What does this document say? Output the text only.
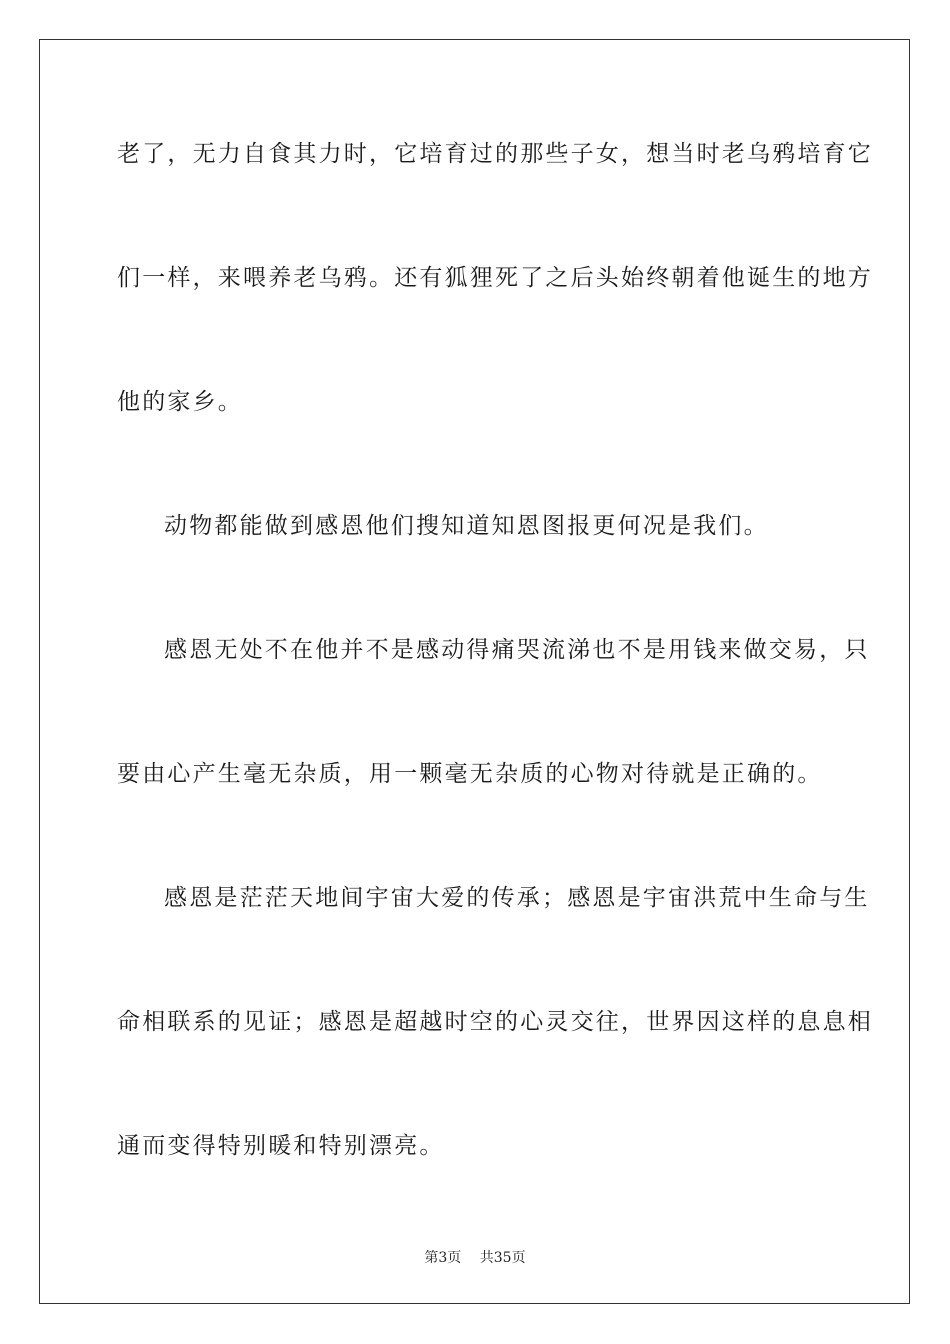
老了，无力自食其力时，它培育过的那些子女，想当时老乌鸦培育它
们一样，来喂养老乌鸦。还有狐狸死了之后头始终朝着他诞生的地方
他的家乡。
动物都能做到感恩他们搜知道知恩图报更何况是我们。
感恩无处不在他并不是感动得痛哭流涕也不是用钱来做交易，只
要由心产生毫无杂质，用一颗毫无杂质的心物对待就是正确的。
感恩是茫茫天地间宇宙大爱的传承；感恩是宇宙洪荒中生命与生
命相联系的见证；感恩是超越时空的心灵交往，世界因这样的息息相
通而变得特别暖和特别漂亮。
第3页 共35页
